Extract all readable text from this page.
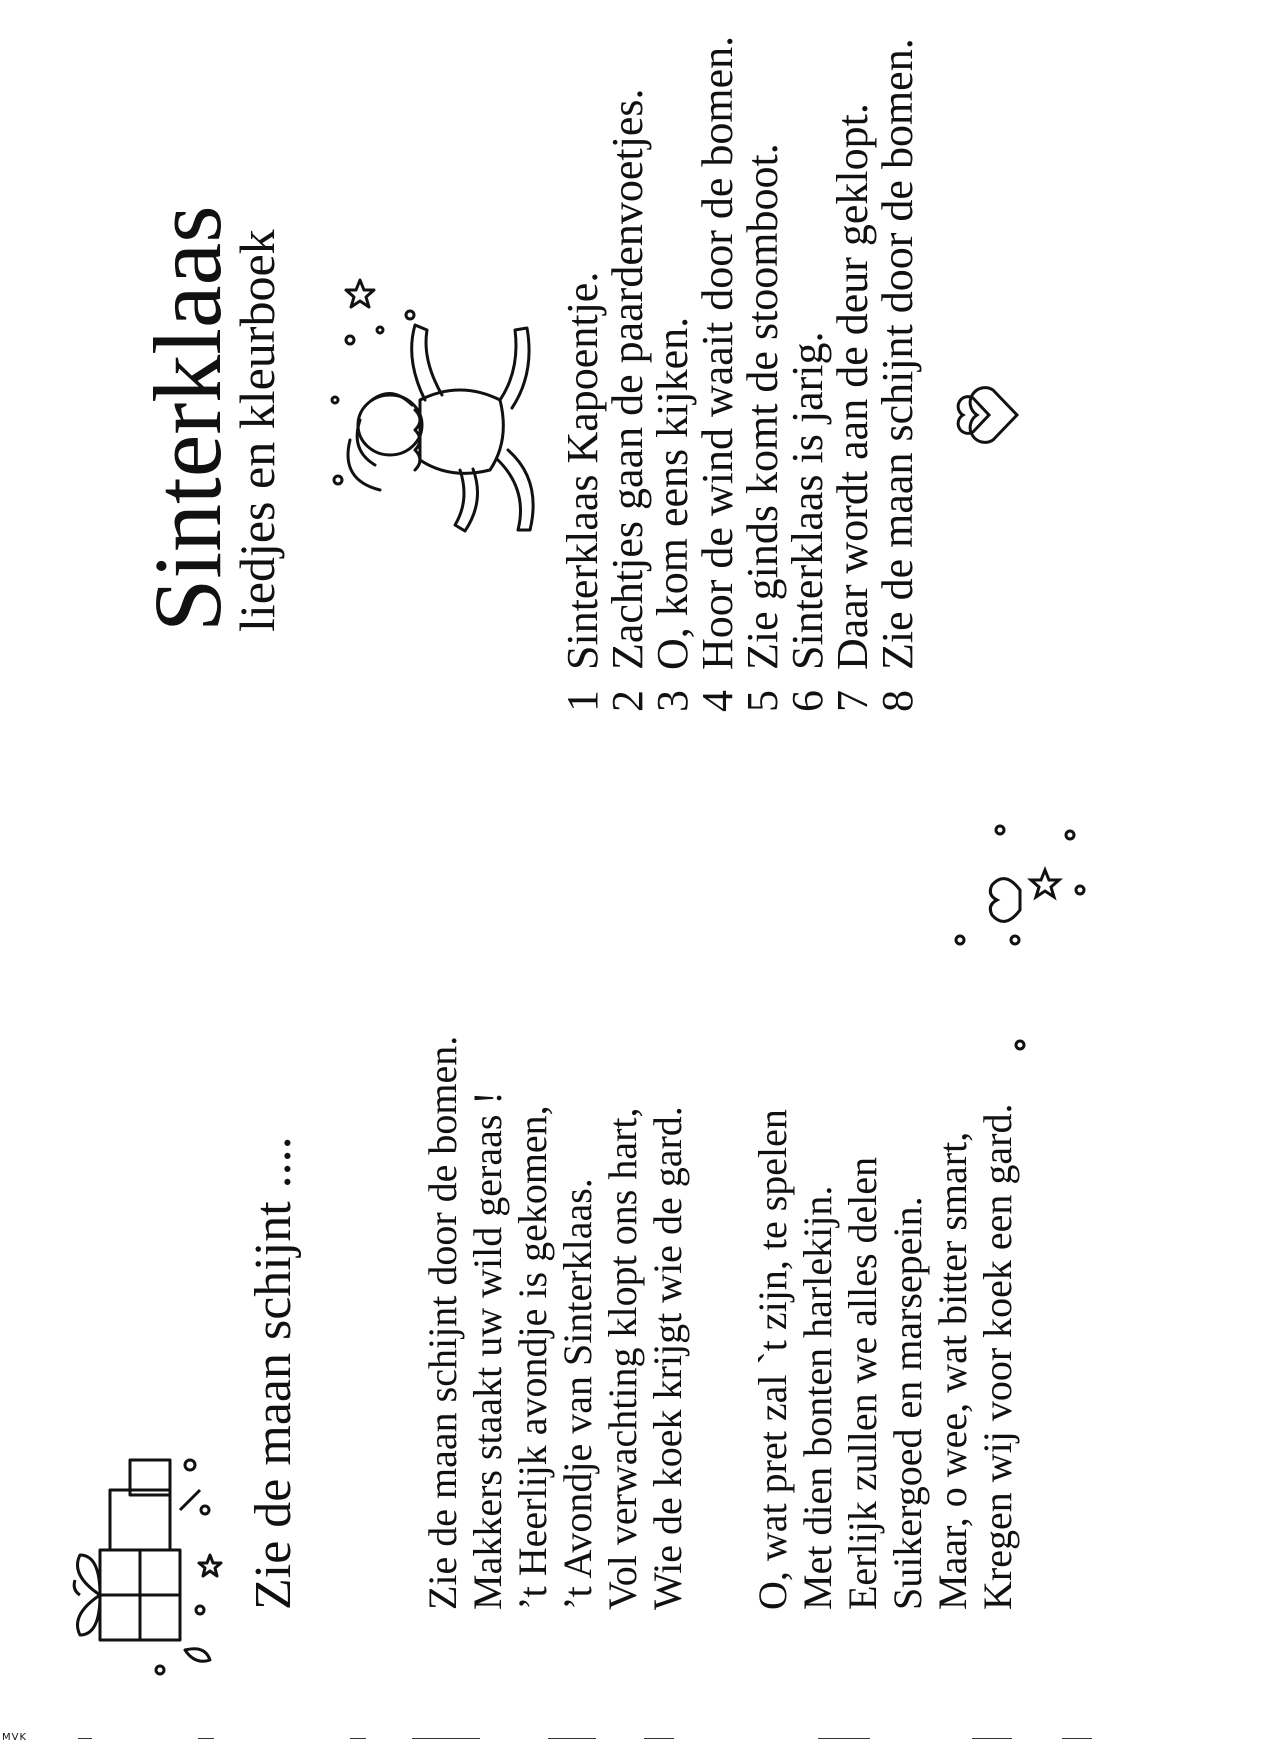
Sinterklaas
liedjes en kleurboek
1Sinterklaas Kapoentje.
2Zachtjes gaan de paardenvoetjes.
3O, kom eens kijken.
4Hoor de wind waait door de bomen.
5Zie ginds komt de stoomboot.
6Sinterklaas is jarig.
7Daar wordt aan de deur geklopt.
8Zie de maan schijnt door de bomen.
Zie de maan schijnt ....	Zie de maan schijnt door de bomen. Makkers staakt uw wild geraas ! ’t Heerlijk avondje is gekomen, ’t Avondje van Sinterklaas. Vol verwachting klopt ons hart, Wie de koek krijgt wie de gard. O, wat pret zal `t zijn, te spelen Met dien bonten harlekijn. Eerlijk zullen we alles delen Suikergoed en marsepein. Maar, o wee, wat bitter smart, Kregen wij voor koek een gard.
MVK
